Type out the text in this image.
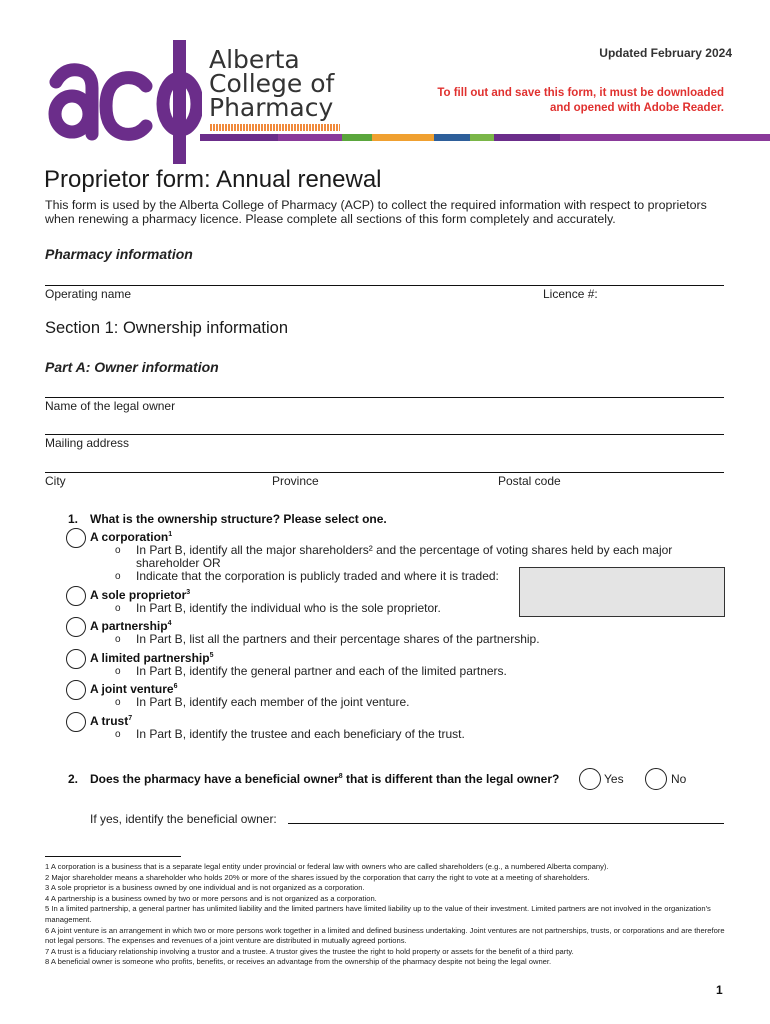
Alberta
College of
Pharmacy
Updated February 2024
To fill out and save this form, it must be downloaded
and opened with Adobe Reader.
Proprietor form: Annual renewal
This form is used by the Alberta College of Pharmacy (ACP) to collect the required information with respect to proprietors when renewing a pharmacy licence. Please complete all sections of this form completely and accurately.
Pharmacy information
Operating name	Licence #:
Section 1: Ownership information
Part A: Owner information
Name of the legal owner
Mailing address
City	Province	Postal code
1. What is the ownership structure? Please select one.
A corporation$^1$
o In Part B, identify all the major shareholders² and the percentage of voting shares held by each major shareholder OR
o Indicate that the corporation is publicly traded and where it is traded:
A sole proprietor$^3$
o In Part B, identify the individual who is the sole proprietor.
A partnership$^4$
o In Part B, list all the partners and their percentage shares of the partnership.
A limited partnership$^5$
o In Part B, identify the general partner and each of the limited partners.
A joint venture$^6$
o In Part B, identify each member of the joint venture.
A trust$^7$
o In Part B, identify the trustee and each beneficiary of the trust.
2. Does the pharmacy have a beneficial owner$^8$ that is different than the legal owner?	Yes	No
If yes, identify the beneficial owner:
1 A corporation is a business that is a separate legal entity under provincial or federal law with owners who are called shareholders (e.g., a numbered Alberta company).
2 Major shareholder means a shareholder who holds 20% or more of the shares issued by the corporation that carry the right to vote at a meeting of shareholders.
3 A sole proprietor is a business owned by one individual and is not organized as a corporation.
4 A partnership is a business owned by two or more persons and is not organized as a corporation.
5 In a limited partnership, a general partner has unlimited liability and the limited partners have limited liability up to the value of their investment. Limited partners are not involved in the organization's management.
6 A joint venture is an arrangement in which two or more persons work together in a limited and defined business undertaking. Joint ventures are not partnerships, trusts, or corporations and are therefore not legal persons. The expenses and revenues of a joint venture are distributed in mutually agreed portions.
7 A trust is a fiduciary relationship involving a trustor and a trustee. A trustor gives the trustee the right to hold property or assets for the benefit of a third party.
8 A beneficial owner is someone who profits, benefits, or receives an advantage from the ownership of the pharmacy despite not being the legal owner.
1
